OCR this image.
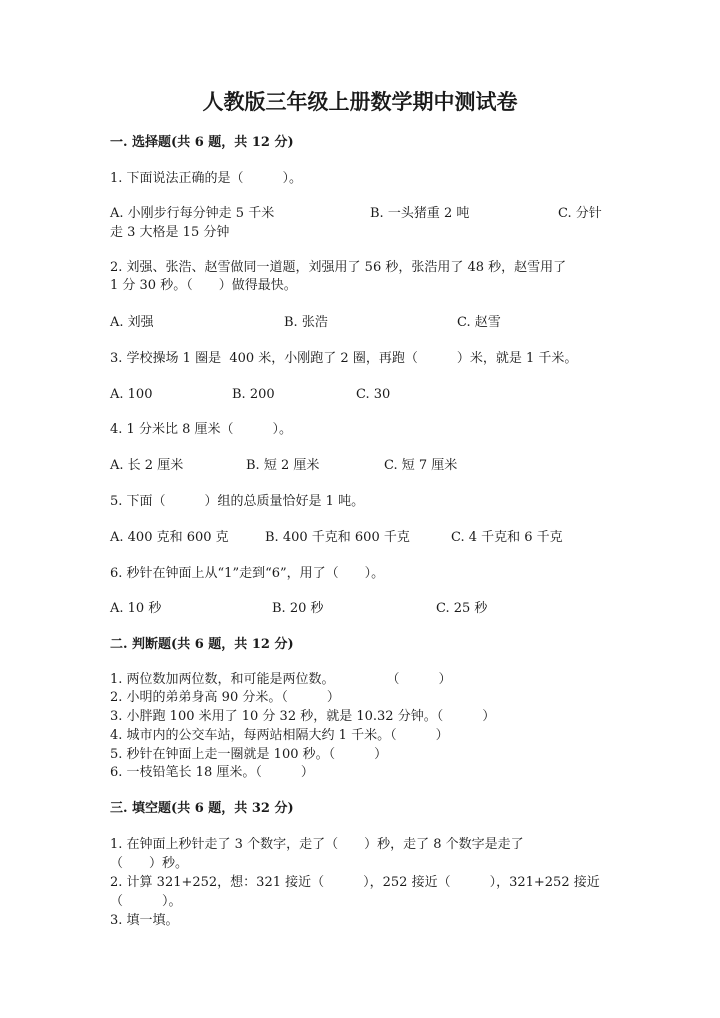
人教版三年级上册数学期中测试卷
一. 选择题(共 6 题，共 12 分)
1. 下面说法正确的是（　　　）。
A. 小刚步行每分钟走 5 千米	B. 一头猪重 2 吨	C. 分针
走 3 大格是 15 分钟
2. 刘强、张浩、赵雪做同一道题，刘强用了 56 秒，张浩用了 48 秒，赵雪用了
1 分 30 秒。（　　）做得最快。
A. 刘强	B. 张浩	C. 赵雪
3. 学校操场 1 圈是  400 米，小刚跑了 2 圈，再跑（　　　）米，就是 1 千米。
A. 100	B. 200	C. 30
4. 1 分米比 8 厘米（　　　）。
A. 长 2 厘米	B. 短 2 厘米	C. 短 7 厘米
5. 下面（　　　）组的总质量恰好是 1 吨。
A. 400 克和 600 克	B. 400 千克和 600 千克	C. 4 千克和 6 千克
6. 秒针在钟面上从“1”走到“6”，用了（　　）。
A. 10 秒	B. 20 秒	C. 25 秒
二. 判断题(共 6 题，共 12 分)
1. 两位数加两位数，和可能是两位数。　　　　　（　　　）
2. 小明的弟弟身高 90 分米。（　　　）
3. 小胖跑 100 米用了 10 分 32 秒，就是 10.32 分钟。（　　　）
4. 城市内的公交车站，每两站相隔大约 1 千米。（　　　）
5. 秒针在钟面上走一圈就是 100 秒。（　　　）
6. 一枝铅笔长 18 厘米。（　　　）
三. 填空题(共 6 题，共 32 分)
1. 在钟面上秒针走了 3 个数字，走了（　　）秒，走了 8 个数字是走了
（　　）秒。
2. 计算 321+252，想：321 接近（　　　），252 接近（　　　），321+252 接近
（　　　）。
3. 填一填。
